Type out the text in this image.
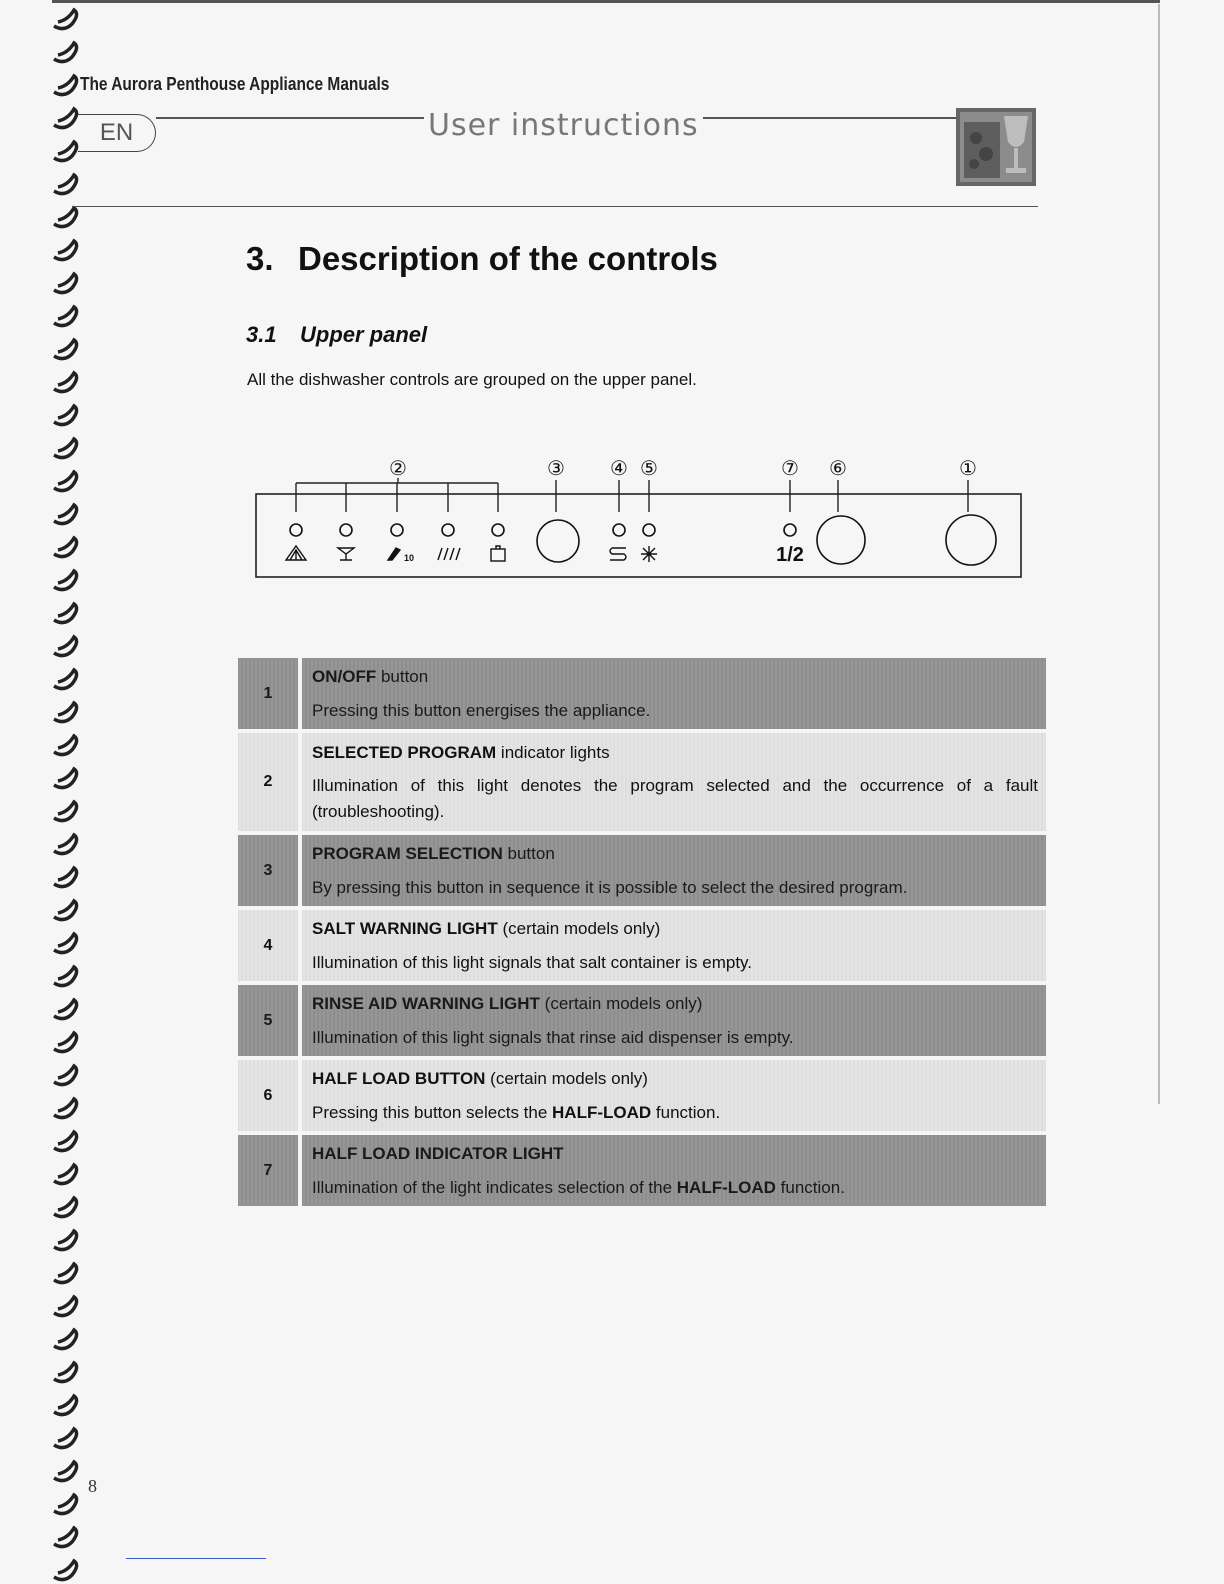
The Aurora Penthouse Appliance Manuals
EN	User instructions
3. Description of the controls
3.1 Upper panel
All the dishwasher controls are grouped on the upper panel.
②	③ ④ ⑤	⑦ ⑥	①
10	1/2
1	ON/OFF button
Pressing this button energises the appliance.

2	SELECTED PROGRAM indicator lights
Illumination of this light denotes the program selected and the occurrence of a fault (troubleshooting).

3	PROGRAM SELECTION button
By pressing this button in sequence it is possible to select the desired program.

4	SALT WARNING LIGHT (certain models only)
Illumination of this light signals that salt container is empty.

5	RINSE AID WARNING LIGHT (certain models only)
Illumination of this light signals that rinse aid dispenser is empty.

6	HALF LOAD BUTTON (certain models only)
Pressing this button selects the HALF-LOAD function.

7	HALF LOAD INDICATOR LIGHT
Illumination of the light indicates selection of the HALF-LOAD function.
8
